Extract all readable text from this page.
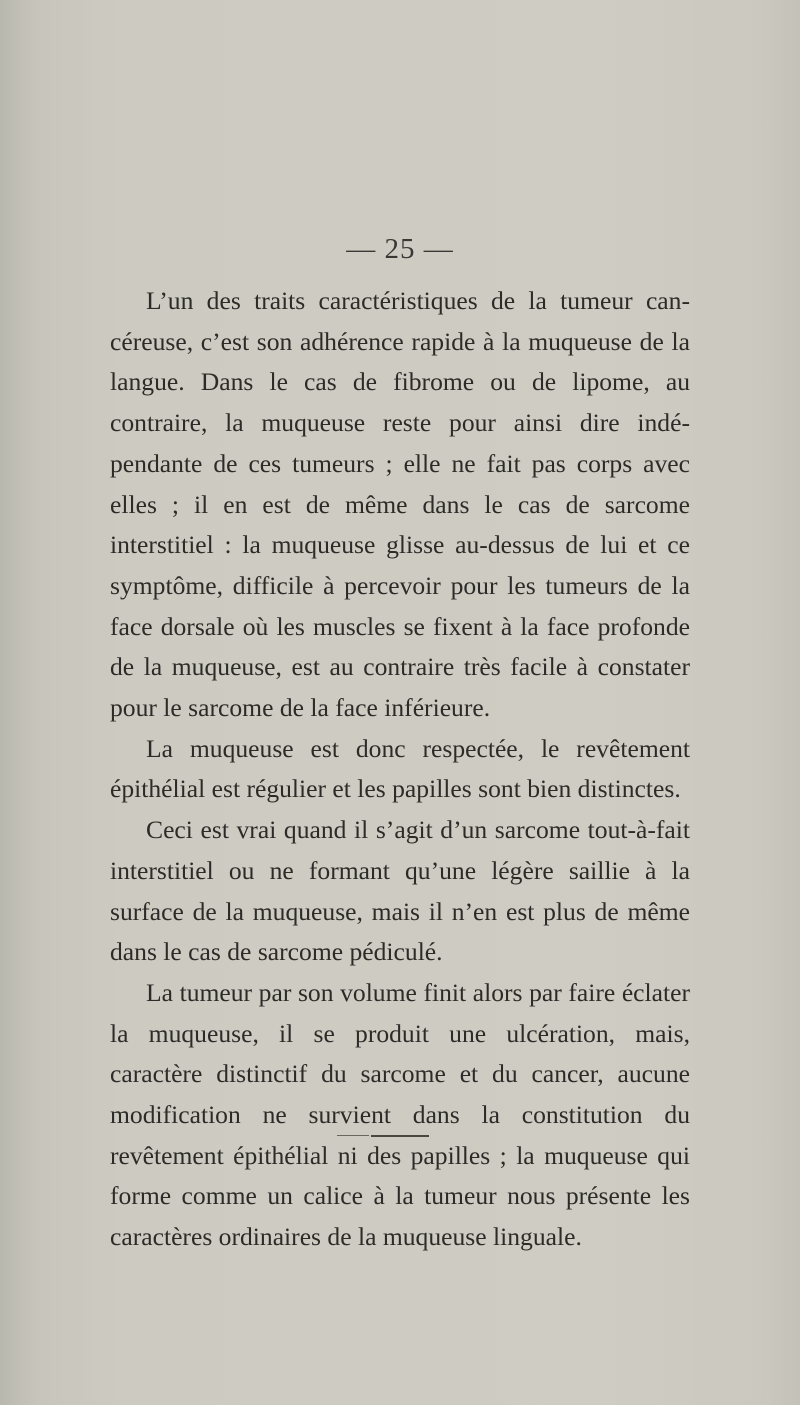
— 25 —

L’un des traits caractéristiques de la tumeur cancéreuse, c’est son adhérence rapide à la muqueuse de la langue. Dans le cas de fibrome ou de lipome, au contraire, la muqueuse reste pour ainsi dire indépendante de ces tumeurs ; elle ne fait pas corps avec elles ; il en est de même dans le cas de sarcome interstitiel : la muqueuse glisse au-dessus de lui et ce symptôme, difficile à percevoir pour les tumeurs de la face dorsale où les muscles se fixent à la face profonde de la muqueuse, est au contraire très facile à constater pour le sarcome de la face inférieure.

La muqueuse est donc respectée, le revêtement épithélial est régulier et les papilles sont bien distinctes.

Ceci est vrai quand il s’agit d’un sarcome tout-à-fait interstitiel ou ne formant qu’une légère saillie à la surface de la muqueuse, mais il n’en est plus de même dans le cas de sarcome pédiculé.

La tumeur par son volume finit alors par faire éclater la muqueuse, il se produit une ulcération, mais, caractère distinctif du sarcome et du cancer, aucune modification ne survient dans la constitution du revêtement épithélial ni des papilles ; la muqueuse qui forme comme un calice à la tumeur nous présente les caractères ordinaires de la muqueuse linguale.
